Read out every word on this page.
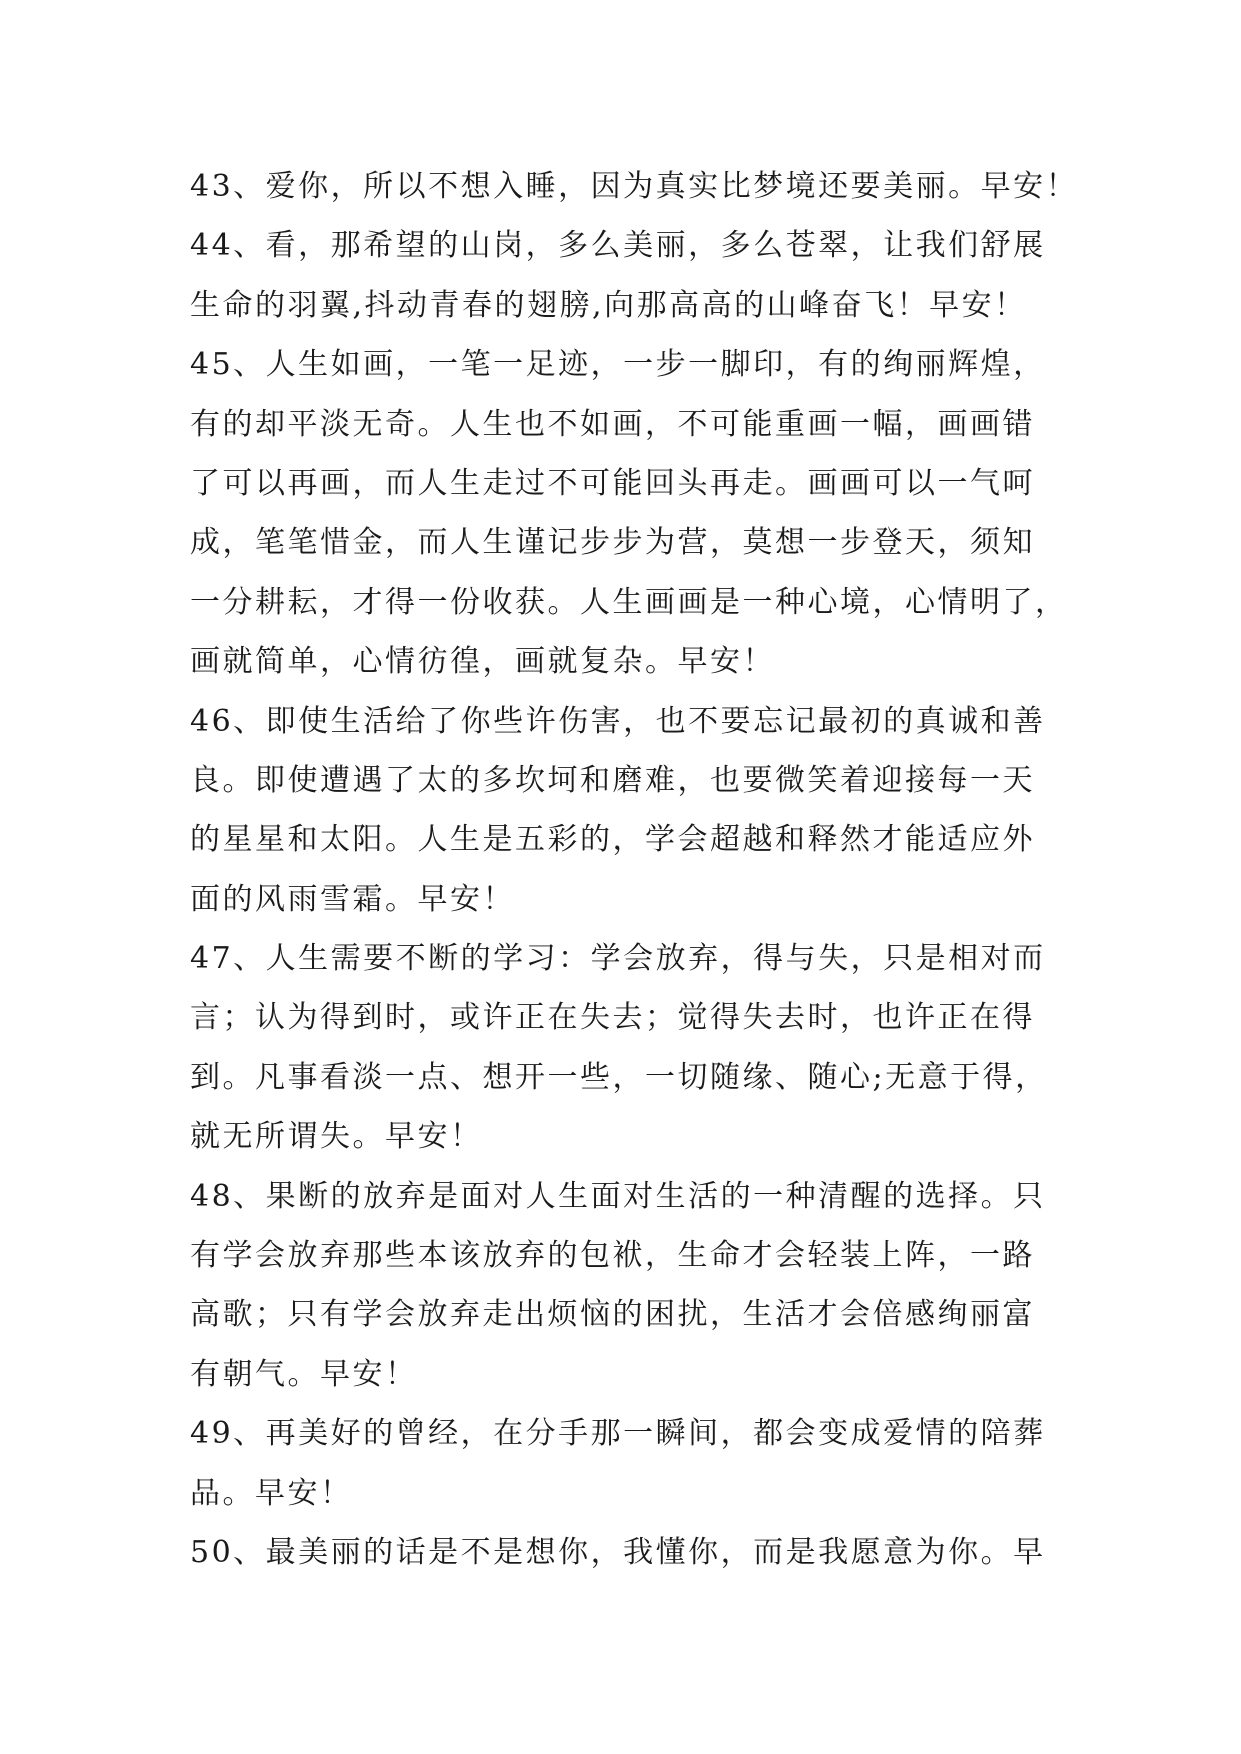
43、爱你，所以不想入睡，因为真实比梦境还要美丽。早安！
44、看，那希望的山岗，多么美丽，多么苍翠，让我们舒展
生命的羽翼,抖动青春的翅膀,向那高高的山峰奋飞！早安！
45、人生如画，一笔一足迹，一步一脚印，有的绚丽辉煌，
有的却平淡无奇。人生也不如画，不可能重画一幅，画画错
了可以再画，而人生走过不可能回头再走。画画可以一气呵
成，笔笔惜金，而人生谨记步步为营，莫想一步登天，须知
一分耕耘，才得一份收获。人生画画是一种心境，心情明了，
画就简单，心情彷徨，画就复杂。早安！
46、即使生活给了你些许伤害，也不要忘记最初的真诚和善
良。即使遭遇了太的多坎坷和磨难，也要微笑着迎接每一天
的星星和太阳。人生是五彩的，学会超越和释然才能适应外
面的风雨雪霜。早安！
47、人生需要不断的学习：学会放弃，得与失，只是相对而
言；认为得到时，或许正在失去；觉得失去时，也许正在得
到。凡事看淡一点、想开一些，一切随缘、随心;无意于得，
就无所谓失。早安！
48、果断的放弃是面对人生面对生活的一种清醒的选择。只
有学会放弃那些本该放弃的包袱，生命才会轻装上阵，一路
高歌；只有学会放弃走出烦恼的困扰，生活才会倍感绚丽富
有朝气。早安！
49、再美好的曾经，在分手那一瞬间，都会变成爱情的陪葬
品。早安！
50、最美丽的话是不是想你，我懂你，而是我愿意为你。早
